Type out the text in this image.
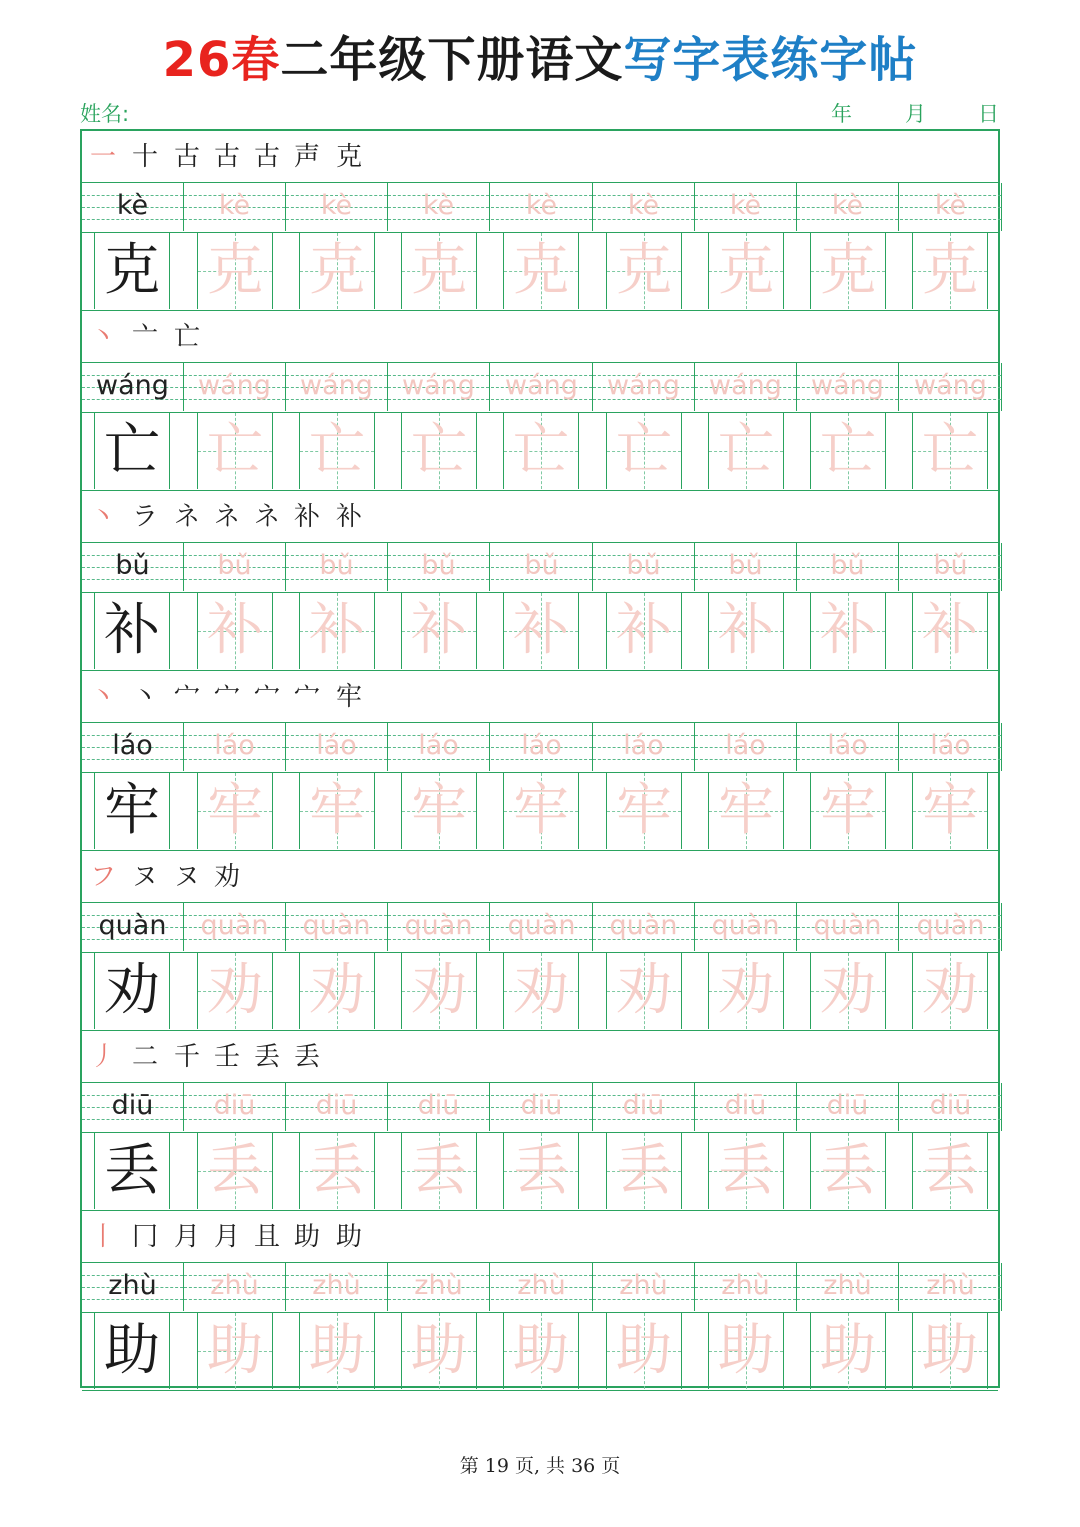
26春二年级下册语文写字表练字帖
姓名:	年	月 日
一 十 古 古 古 声 克
kè	kè	kè	kè	kè	kè	kè	kè	kè
克 克 克 克 克 克 克 克 克
丶 亠 亡
wáng	wáng	wáng	wáng	wáng	wáng	wáng	wáng	wáng
亡 亡 亡 亡 亡 亡 亡 亡 亡
丶 ラ ネ ネ ネ 补 补
bǔ	bǔ	bǔ	bǔ	bǔ	bǔ	bǔ	bǔ	bǔ
补 补 补 补 补 补 补 补 补
丶 丶 宀 宀 宀 宀 牢
láo	láo	láo	láo	láo	láo	láo	láo	láo
牢 牢 牢 牢 牢 牢 牢 牢 牢
フ ヌ ヌ 劝
quàn	quàn	quàn	quàn	quàn	quàn	quàn	quàn	quàn
劝 劝 劝 劝 劝 劝 劝 劝 劝
丿 二 千 壬 丢 丢
diū	diū	diū	diū	diū	diū	diū	diū	diū
丢 丢 丢 丢 丢 丢 丢 丢 丢
丨 冂 月 月 且 助 助
zhù	zhù	zhù	zhù	zhù	zhù	zhù	zhù	zhù
助 助 助 助 助 助 助 助 助
第 19 页, 共 36 页
